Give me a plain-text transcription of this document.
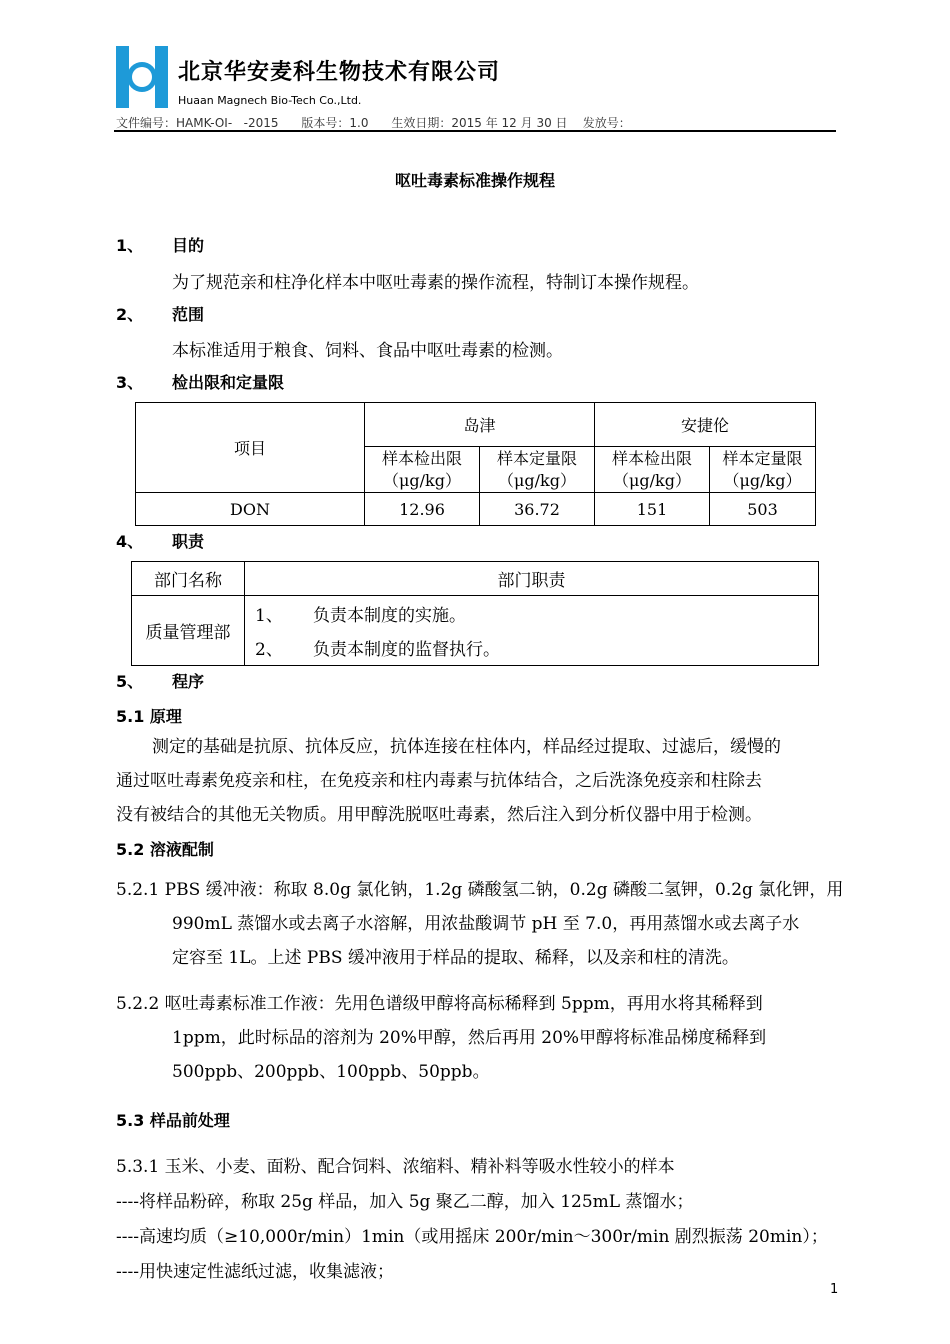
北京华安麦科生物技术有限公司
Huaan Magnech Bio-Tech Co.,Ltd.
文件编号：HAMK-OI-   -2015 版本号：1.0 生效日期：2015 年 12 月 30 日 发放号：
呕吐毒素标准操作规程
1、 目的
为了规范亲和柱净化样本中呕吐毒素的操作流程，特制订本操作规程。
2、 范围
本标准适用于粮食、饲料、食品中呕吐毒素的检测。
3、 检出限和定量限
项目	岛津		安捷伦	
	样本检出限（μg/kg）	样本定量限（μg/kg）	样本检出限（μg/kg）	样本定量限（μg/kg）
DON	12.96	36.72	151	503
4、 职责
部门名称	部门职责
质量管理部	1、 负责本制度的实施。
	2、 负责本制度的监督执行。
5、 程序
5.1 原理
测定的基础是抗原、抗体反应，抗体连接在柱体内，样品经过提取、过滤后，缓慢的
通过呕吐毒素免疫亲和柱，在免疫亲和柱内毒素与抗体结合，之后洗涤免疫亲和柱除去
没有被结合的其他无关物质。用甲醇洗脱呕吐毒素，然后注入到分析仪器中用于检测。
5.2 溶液配制
5.2.1 PBS 缓冲液：称取 8.0g 氯化钠，1.2g 磷酸氢二钠，0.2g 磷酸二氢钾，0.2g 氯化钾，用
990mL 蒸馏水或去离子水溶解，用浓盐酸调节 pH 至 7.0，再用蒸馏水或去离子水
定容至 1L。上述 PBS 缓冲液用于样品的提取、稀释，以及亲和柱的清洗。
5.2.2 呕吐毒素标准工作液：先用色谱级甲醇将高标稀释到 5ppm，再用水将其稀释到
1ppm，此时标品的溶剂为 20%甲醇，然后再用 20%甲醇将标准品梯度稀释到
500ppb、200ppb、100ppb、50ppb。
5.3 样品前处理
5.3.1 玉米、小麦、面粉、配合饲料、浓缩料、精补料等吸水性较小的样本
----将样品粉碎，称取 25g 样品，加入 5g 聚乙二醇，加入 125mL 蒸馏水；
----高速均质（≥10,000r/min）1min（或用摇床 200r/min～300r/min 剧烈振荡 20min）；
----用快速定性滤纸过滤，收集滤液；
1
